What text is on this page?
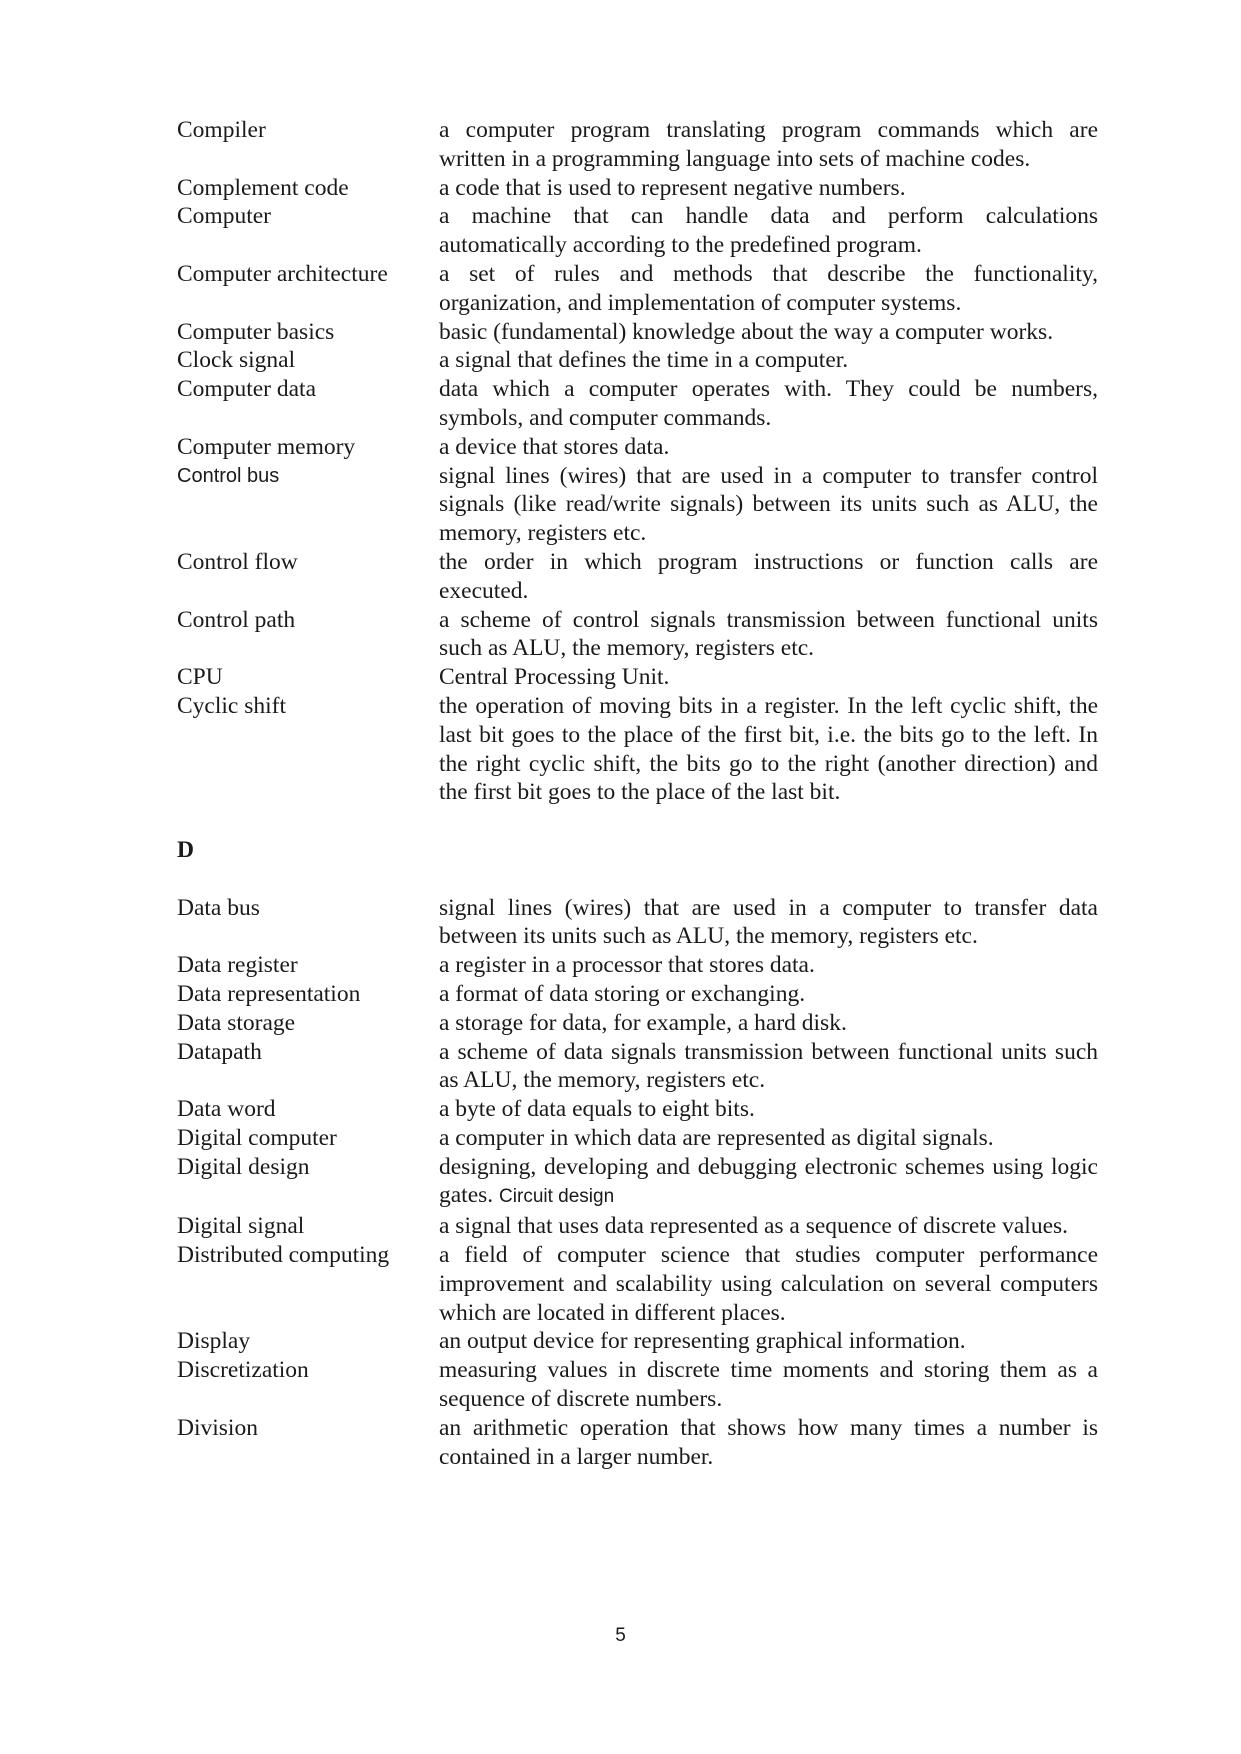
Compiler	a computer program translating program commands which are written in a programming language into sets of machine codes.
Complement code	a code that is used to represent negative numbers.
Computer	a machine that can handle data and perform calculations automatically according to the predefined program.
Computer architecture	a set of rules and methods that describe the functionality, organization, and implementation of computer systems.
Computer basics	basic (fundamental) knowledge about the way a computer works.
Clock signal	a signal that defines the time in a computer.
Computer data	data which a computer operates with. They could be numbers, symbols, and computer commands.
Computer memory	a device that stores data.
Control bus	signal lines (wires) that are used in a computer to transfer control signals (like read/write signals) between its units such as ALU, the memory, registers etc.
Control flow	the order in which program instructions or function calls are executed.
Control path	a scheme of control signals transmission between functional units such as ALU, the memory, registers etc.
CPU	Central Processing Unit.
Cyclic shift	the operation of moving bits in a register. In the left cyclic shift, the last bit goes to the place of the first bit, i.e. the bits go to the left. In the right cyclic shift, the bits go to the right (another direction) and the first bit goes to the place of the last bit.
D
Data bus	signal lines (wires) that are used in a computer to transfer data between its units such as ALU, the memory, registers etc.
Data register	a register in a processor that stores data.
Data representation	a format of data storing or exchanging.
Data storage	a storage for data, for example, a hard disk.
Datapath	a scheme of data signals transmission between functional units such as ALU, the memory, registers etc.
Data word	a byte of data equals to eight bits.
Digital computer	a computer in which data are represented as digital signals.
Digital design	designing, developing and debugging electronic schemes using logic gates. Circuit design
Digital signal	a signal that uses data represented as a sequence of discrete values.
Distributed computing	a field of computer science that studies computer performance improvement and scalability using calculation on several computers which are located in different places.
Display	an output device for representing graphical information.
Discretization	measuring values in discrete time moments and storing them as a sequence of discrete numbers.
Division	an arithmetic operation that shows how many times a number is contained in a larger number.
5
